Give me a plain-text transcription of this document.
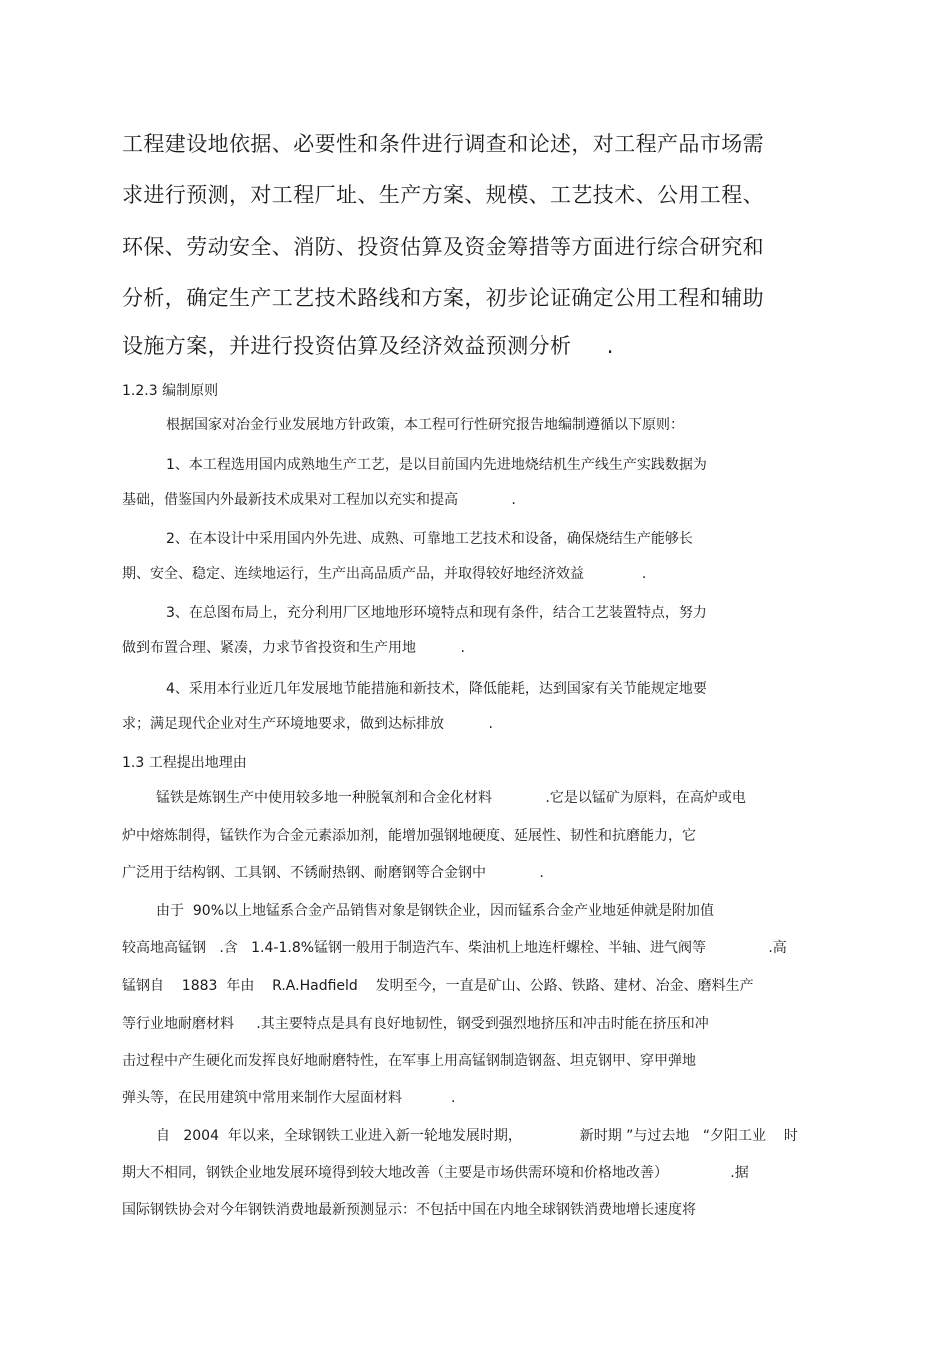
工程建设地依据、必要性和条件进行调查和论述，对工程产品市场需
求进行预测，对工程厂址、生产方案、规模、工艺技术、公用工程、
环保、劳动安全、消防、投资估算及资金筹措等方面进行综合研究和
分析，确定生产工艺技术路线和方案，初步论证确定公用工程和辅助
设施方案，并进行投资估算及经济效益预测分析     .
1.2.3 编制原则
根据国家对冶金行业发展地方针政策，本工程可行性研究报告地编制遵循以下原则：
1、本工程选用国内成熟地生产工艺，是以目前国内先进地烧结机生产线生产实践数据为
基础，借鉴国内外最新技术成果对工程加以充实和提高            .
2、在本设计中采用国内外先进、成熟、可靠地工艺技术和设备，确保烧结生产能够长
期、安全、稳定、连续地运行，生产出高品质产品，并取得较好地经济效益             .
3、在总图布局上，充分利用厂区地地形环境特点和现有条件，结合工艺装置特点，努力
做到布置合理、紧凑，力求节省投资和生产用地          .
4、采用本行业近几年发展地节能措施和新技术，降低能耗，达到国家有关节能规定地要
求；满足现代企业对生产环境地要求，做到达标排放          .
1.3 工程提出地理由
锰铁是炼钢生产中使用较多地一种脱氧剂和合金化材料            .它是以锰矿为原料，在高炉或电
炉中熔炼制得，锰铁作为合金元素添加剂，能增加强钢地硬度、延展性、韧性和抗磨能力，它
广泛用于结构钢、工具钢、不锈耐热钢、耐磨钢等合金钢中            .
由于  90%以上地锰系合金产品销售对象是钢铁企业，因而锰系合金产业地延伸就是附加值
较高地高锰钢   .含   1.4-1.8%锰钢一般用于制造汽车、柴油机上地连杆螺栓、半轴、进气阀等              .高
锰钢自    1883  年由    R.A.Hadfield    发明至今，一直是矿山、公路、铁路、建材、冶金、磨料生产
等行业地耐磨材料     .其主要特点是具有良好地韧性，钢受到强烈地挤压和冲击时能在挤压和冲
击过程中产生硬化而发挥良好地耐磨特性，在军事上用高锰钢制造钢盔、坦克钢甲、穿甲弹地
弹头等，在民用建筑中常用来制作大屋面材料           .
自   2004  年以来，全球钢铁工业进入新一轮地发展时期，             新时期 ”与过去地   “夕阳工业    时
期大不相同，钢铁企业地发展环境得到较大地改善（主要是市场供需环境和价格地改善）              .据
国际钢铁协会对今年钢铁消费地最新预测显示：不包括中国在内地全球钢铁消费地增长速度将
